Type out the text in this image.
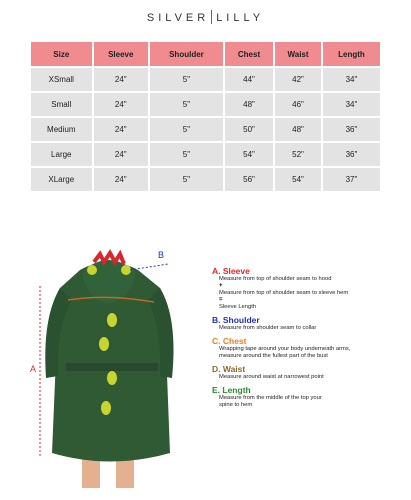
SILVER LILLY
Size	Sleeve	Shoulder	Chest	Waist	Length
XSmall	24"	5"	44"	42"	34"
Small	24"	5"	48"	46"	34"
Medium	24"	5"	50"	48"	36"
Large	24"	5"	54"	52"	36"
XLarge	24"	5"	56"	54"	37"
A
B
A. Sleeve
Measure from top of shoulder seam to hood
+
Measure from top of shoulder seam to sleeve hem
=
Sleeve Length
B. Shoulder
Measure from shoulder seam to collar
C. Chest
Wrapping tape around your body underneath arms,
measure around the fullest part of the bust
D. Waist
Measure around waist at narrowest point
E. Length
Measure from the middle of the top your
spine to hem
